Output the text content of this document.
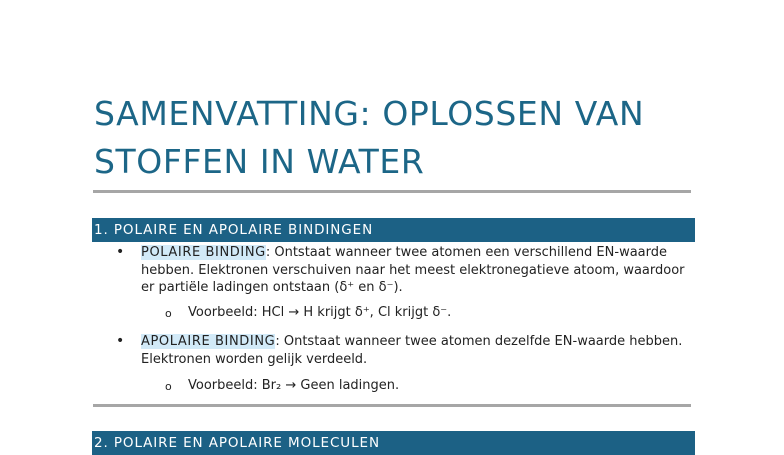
SAMENVATTING: OPLOSSEN VAN STOFFEN IN WATER
1. POLAIRE EN APOLAIRE BINDINGEN
• POLAIRE BINDING: Ontstaat wanneer twee atomen een verschillend EN-waarde hebben. Elektronen verschuiven naar het meest elektronegatieve atoom, waardoor er partiële ladingen ontstaan (δ⁺ en δ⁻).
o Voorbeeld: HCl → H krijgt δ⁺, Cl krijgt δ⁻.
• APOLAIRE BINDING: Ontstaat wanneer twee atomen dezelfde EN-waarde hebben. Elektronen worden gelijk verdeeld.
o Voorbeeld: Br₂ → Geen ladingen.
2. POLAIRE EN APOLAIRE MOLECULEN
